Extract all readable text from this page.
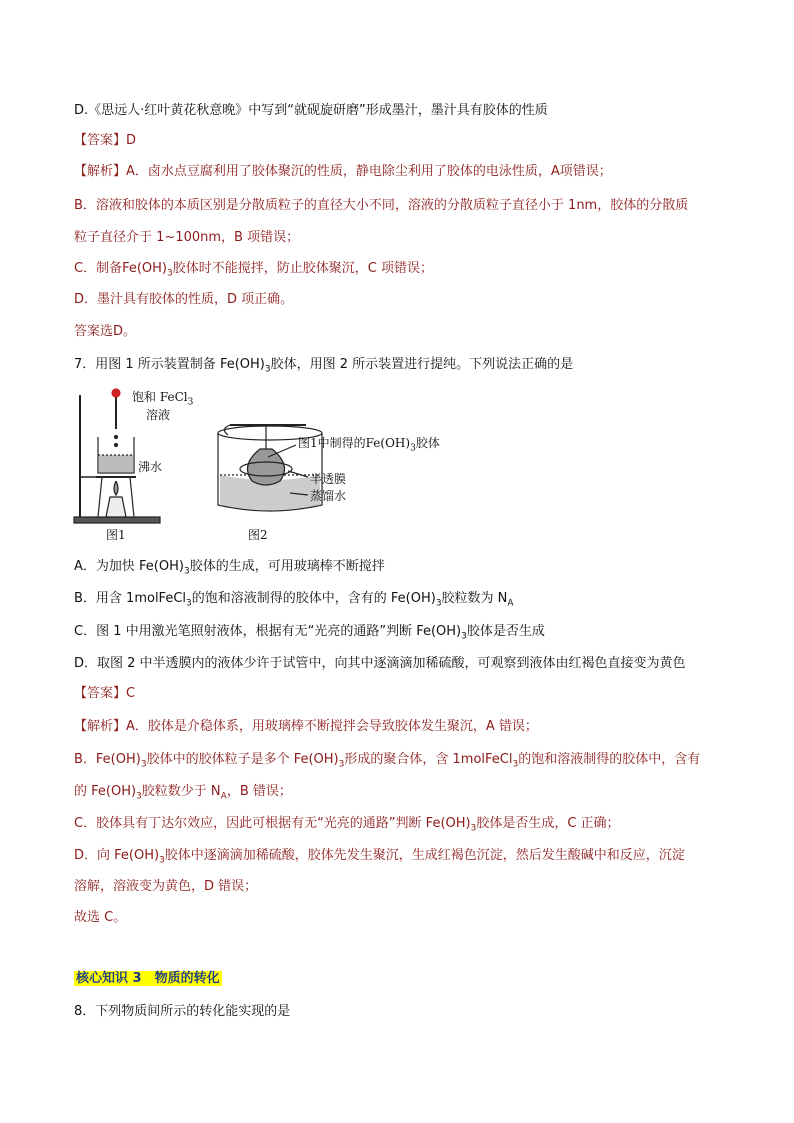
D.《思远人·红叶黄花秋意晚》中写到“就砚旋研磨”形成墨汁，墨汁具有胶体的性质
【答案】D
【解析】A．卤水点豆腐利用了胶体聚沉的性质，静电除尘利用了胶体的电泳性质，A项错误；
B．溶液和胶体的本质区别是分散质粒子的直径大小不同，溶液的分散质粒子直径小于 1nm，胶体的分散质
粒子直径介于 1~100nm，B 项错误；
C．制备$Fe(OH)_3$胶体时不能搅拌，防止胶体聚沉，C 项错误；
D．墨汁具有胶体的性质，D 项正确。
答案选D。
7．用图 1 所示装置制备 $Fe(OH)_3$胶体，用图 2 所示装置进行提纯。下列说法正确的是
饱和 FeCl$_3$
溶液
沸水
图1
图1中制得的$Fe(OH)_3$胶体
半透膜
蒸馏水
图2
A．为加快 $Fe(OH)_3$胶体的生成，可用玻璃棒不断搅拌
B．用含 1molFeCl$_3$的饱和溶液制得的胶体中，含有的 $Fe(OH)_3$胶粒数为 $N_A$
C．图 1 中用激光笔照射液体，根据有无“光亮的通路”判断 $Fe(OH)_3$胶体是否生成
D．取图 2 中半透膜内的液体少许于试管中，向其中逐滴滴加稀硫酸，可观察到液体由红褐色直接变为黄色
【答案】C
【解析】A．胶体是介稳体系，用玻璃棒不断搅拌会导致胶体发生聚沉，A 错误；
B．$Fe(OH)_3$胶体中的胶体粒子是多个 $Fe(OH)_3$形成的聚合体，含 1molFeCl$_3$的饱和溶液制得的胶体中，含有
的 $Fe(OH)_3$胶粒数少于 $N_A$，B 错误；
C．胶体具有丁达尔效应，因此可根据有无“光亮的通路”判断 $Fe(OH)_3$胶体是否生成，C 正确；
D．向 $Fe(OH)_3$胶体中逐滴滴加稀硫酸，胶体先发生聚沉，生成红褐色沉淀，然后发生酸碱中和反应，沉淀
溶解，溶液变为黄色，D 错误；
故选 C。
核心知识 3　物质的转化
8．下列物质间所示的转化能实现的是
